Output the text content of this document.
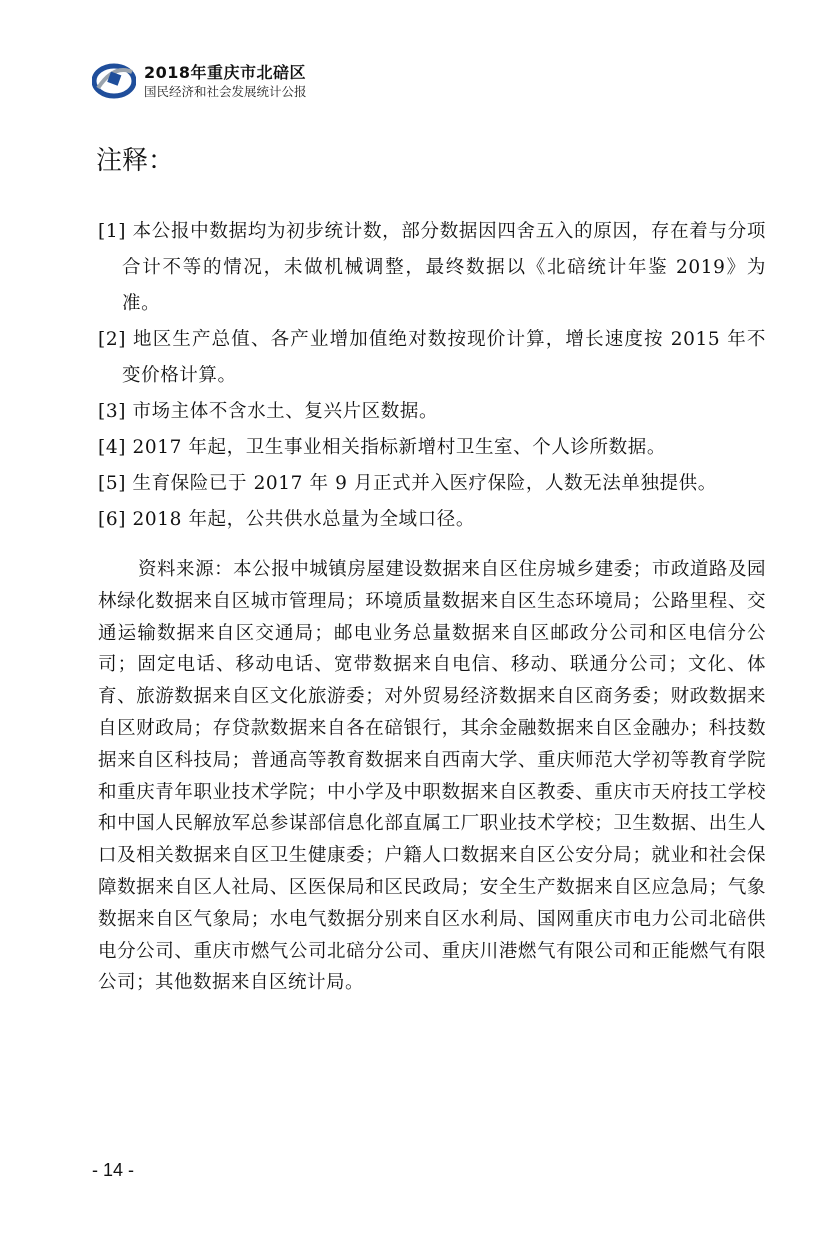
2018年重庆市北碚区
国民经济和社会发展统计公报
注释：

[1] 本公报中数据均为初步统计数，部分数据因四舍五入的原因，存在着与分项合计不等的情况，未做机械调整，最终数据以《北碚统计年鉴 2019》为准。

[2] 地区生产总值、各产业增加值绝对数按现价计算，增长速度按 2015 年不变价格计算。

[3] 市场主体不含水土、复兴片区数据。

[4] 2017 年起，卫生事业相关指标新增村卫生室、个人诊所数据。

[5] 生育保险已于 2017 年 9 月正式并入医疗保险，人数无法单独提供。

[6] 2018 年起，公共供水总量为全域口径。

资料来源：本公报中城镇房屋建设数据来自区住房城乡建委；市政道路及园林绿化数据来自区城市管理局；环境质量数据来自区生态环境局；公路里程、交通运输数据来自区交通局；邮电业务总量数据来自区邮政分公司和区电信分公司；固定电话、移动电话、宽带数据来自电信、移动、联通分公司；文化、体育、旅游数据来自区文化旅游委；对外贸易经济数据来自区商务委；财政数据来自区财政局；存贷款数据来自各在碚银行，其余金融数据来自区金融办；科技数据来自区科技局；普通高等教育数据来自西南大学、重庆师范大学初等教育学院和重庆青年职业技术学院；中小学及中职数据来自区教委、重庆市天府技工学校和中国人民解放军总参谋部信息化部直属工厂职业技术学校；卫生数据、出生人口及相关数据来自区卫生健康委；户籍人口数据来自区公安分局；就业和社会保障数据来自区人社局、区医保局和区民政局；安全生产数据来自区应急局；气象数据来自区气象局；水电气数据分别来自区水利局、国网重庆市电力公司北碚供电分公司、重庆市燃气公司北碚分公司、重庆川港燃气有限公司和正能燃气有限公司；其他数据来自区统计局。

- 14 -
